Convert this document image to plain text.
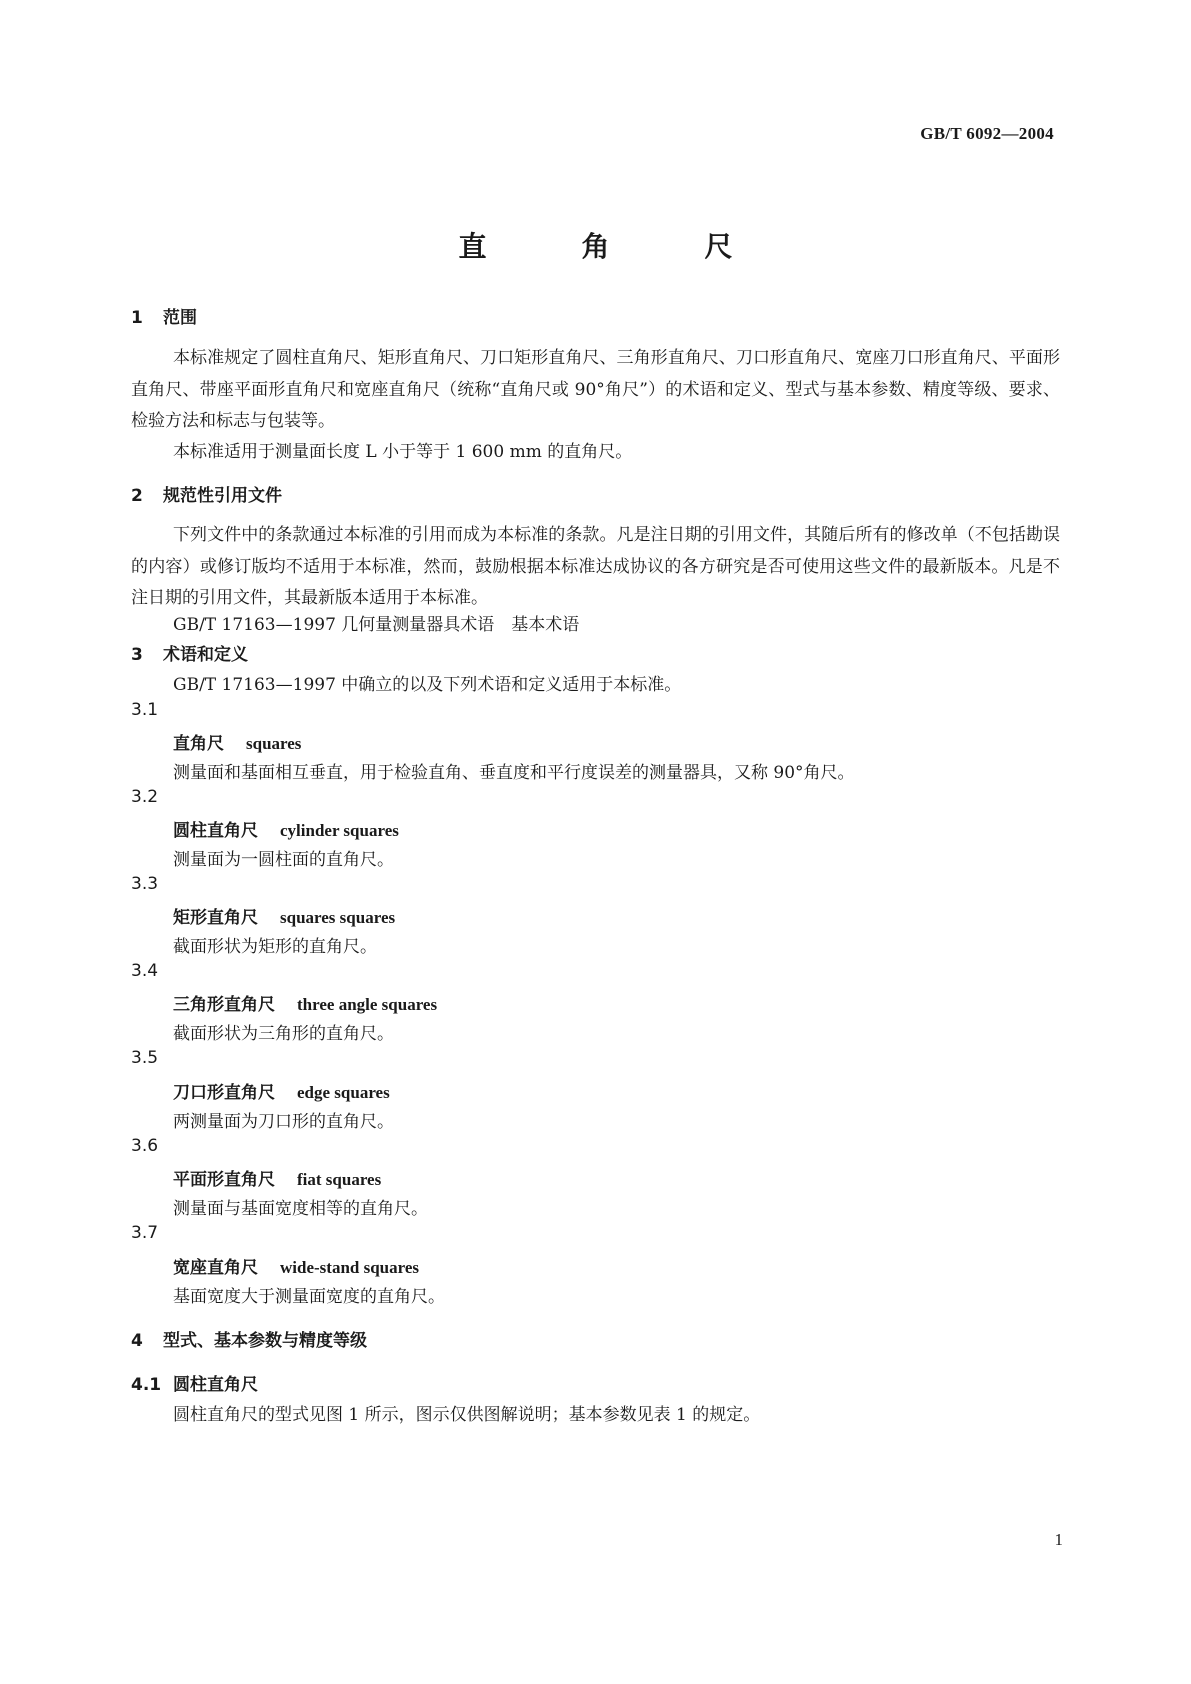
GB/T 6092—2004
直角尺
1 范围
本标准规定了圆柱直角尺、矩形直角尺、刀口矩形直角尺、三角形直角尺、刀口形直角尺、宽座刀口形直角尺、平面形直角尺、带座平面形直角尺和宽座直角尺（统称“直角尺或 90°角尺”）的术语和定义、型式与基本参数、精度等级、要求、检验方法和标志与包装等。
本标准适用于测量面长度 L 小于等于 1 600 mm 的直角尺。
2 规范性引用文件
下列文件中的条款通过本标准的引用而成为本标准的条款。凡是注日期的引用文件，其随后所有的修改单（不包括勘误的内容）或修订版均不适用于本标准，然而，鼓励根据本标准达成协议的各方研究是否可使用这些文件的最新版本。凡是不注日期的引用文件，其最新版本适用于本标准。
GB/T 17163—1997 几何量测量器具术语　基本术语
3 术语和定义
GB/T 17163—1997 中确立的以及下列术语和定义适用于本标准。
3.1
直角尺 squares
测量面和基面相互垂直，用于检验直角、垂直度和平行度误差的测量器具，又称 90°角尺。
3.2
圆柱直角尺 cylinder squares
测量面为一圆柱面的直角尺。
3.3
矩形直角尺 squares squares
截面形状为矩形的直角尺。
3.4
三角形直角尺 three angle squares
截面形状为三角形的直角尺。
3.5
刀口形直角尺 edge squares
两测量面为刀口形的直角尺。
3.6
平面形直角尺 fiat squares
测量面与基面宽度相等的直角尺。
3.7
宽座直角尺 wide-stand squares
基面宽度大于测量面宽度的直角尺。
4 型式、基本参数与精度等级
4.1 圆柱直角尺
圆柱直角尺的型式见图 1 所示，图示仅供图解说明；基本参数见表 1 的规定。
1
